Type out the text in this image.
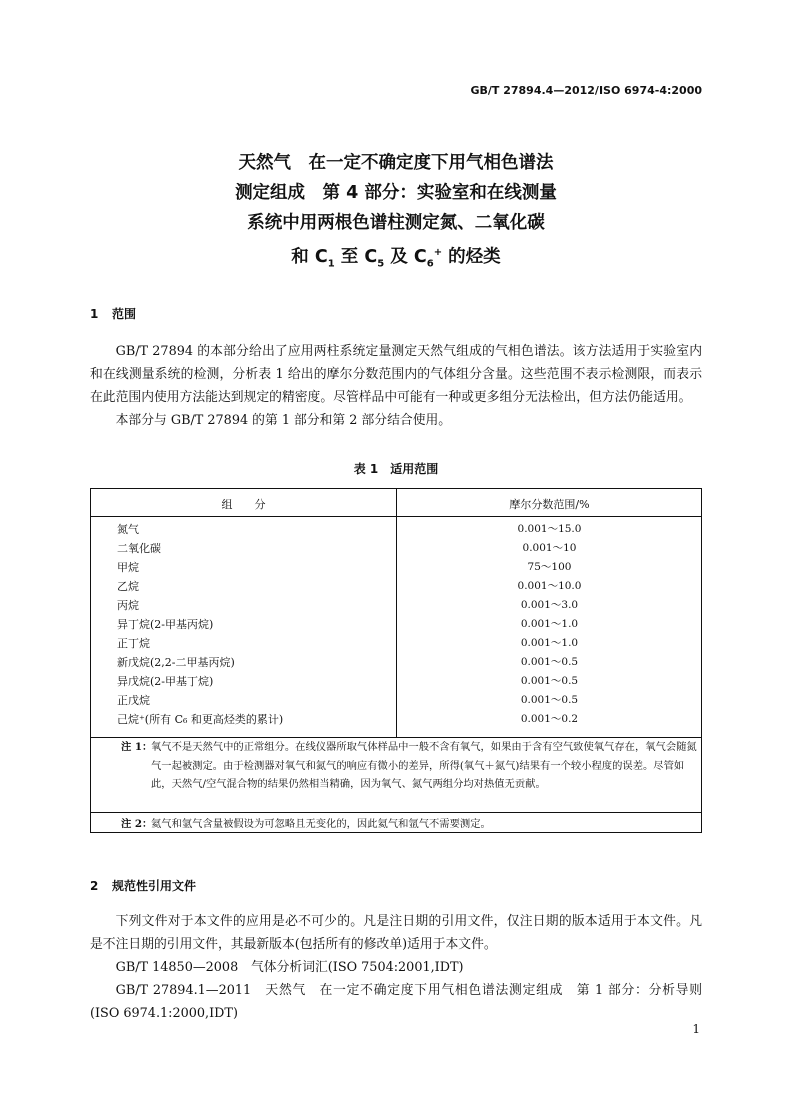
GB/T 27894.4—2012/ISO 6974-4:2000
天然气　在一定不确定度下用气相色谱法
测定组成　第 4 部分：实验室和在线测量
系统中用两根色谱柱测定氮、二氧化碳
和 $C_1$ 至 $C_5$ 及 $C_6^+$ 的烃类
1 范围

GB/T 27894 的本部分给出了应用两柱系统定量测定天然气组成的气相色谱法。该方法适用于实验室内和在线测量系统的检测，分析表 1 给出的摩尔分数范围内的气体组分含量。这些范围不表示检测限，而表示在此范围内使用方法能达到规定的精密度。尽管样品中可能有一种或更多组分无法检出，但方法仍能适用。

本部分与 GB/T 27894 的第 1 部分和第 2 部分结合使用。

表 1　适用范围
组　　分	摩尔分数范围/%
氮气	0.001～15.0
二氧化碳	0.001～10
甲烷	75～100
乙烷	0.001～10.0
丙烷	0.001～3.0
异丁烷(2-甲基丙烷)	0.001～1.0
正丁烷	0.001～1.0
新戊烷(2,2-二甲基丙烷)	0.001～0.5
异戊烷(2-甲基丁烷)	0.001～0.5
正戊烷	0.001～0.5
己烷⁺(所有 C₆ 和更高烃类的累计)	0.001～0.2
注 1：
氧气不是天然气中的正常组分。在线仪器所取气体样品中一般不含有氧气，如果由于含有空气致使氧气存在，氧气会随氮气一起被测定。由于检测器对氧气和氮气的响应有微小的差异，所得(氧气＋氮气)结果有一个较小程度的误差。尽管如此，天然气/空气混合物的结果仍然相当精确，因为氧气、氮气两组分均对热值无贡献。
注 2：
氦气和氩气含量被假设为可忽略且无变化的，因此氦气和氩气不需要测定。
2 规范性引用文件

下列文件对于本文件的应用是必不可少的。凡是注日期的引用文件，仅注日期的版本适用于本文件。凡是不注日期的引用文件，其最新版本(包括所有的修改单)适用于本文件。

GB/T 14850—2008　气体分析词汇(ISO 7504:2001,IDT)

GB/T 27894.1—2011　天然气　在一定不确定度下用气相色谱法测定组成　第 1 部分：分析导则(ISO 6974.1:2000,IDT)

1
